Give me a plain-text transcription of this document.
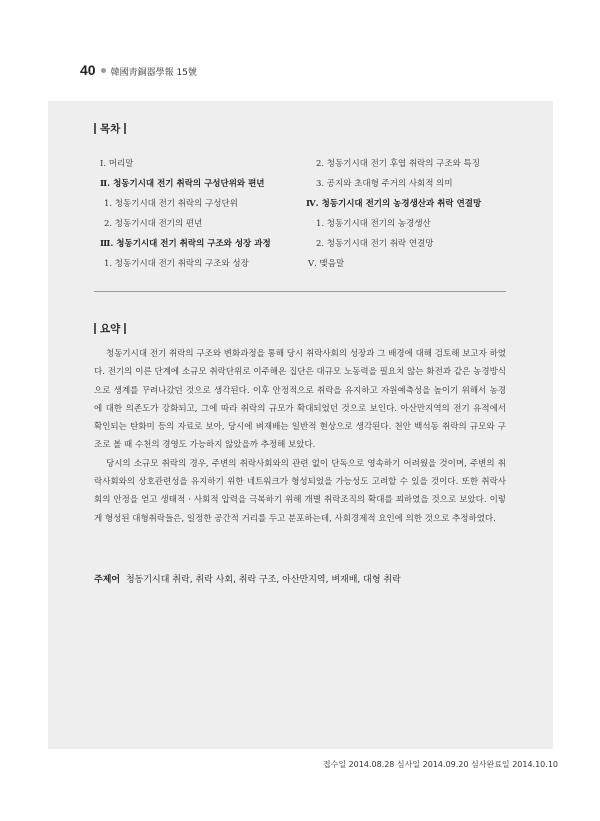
40 韓國靑銅器學報 15號
목차
Ⅰ. 머리말
Ⅱ. 청동기시대 전기 취락의 구성단위와 편년
1. 청동기시대 전기 취락의 구성단위
2. 청동기시대 전기의 편년
Ⅲ. 청동기시대 전기 취락의 구조와 성장 과정
1. 청동기시대 전기 취락의 구조와 성장
2. 청동기시대 전기 후엽 취락의 구조와 특징
3. 공지와 초대형 주거의 사회적 의미
Ⅳ. 청동기시대 전기의 농경생산과 취락 연결망
1. 청동기시대 전기의 농경생산
2. 청동기시대 전기 취락 연결망
Ⅴ. 맺음말
요약

청동기시대 전기 취락의 구조와 변화과정을 통해 당시 취락사회의 성장과 그 배경에 대해 검토해 보고자 하였다. 전기의 이른 단계에 소규모 취락단위로 이주해온 집단은 대규모 노동력을 필요치 않는 화전과 같은 농경방식으로 생계를 꾸려나갔던 것으로 생각된다. 이후 안정적으로 취락을 유지하고 자원예측성을 높이기 위해서 농경에 대한 의존도가 강화되고, 그에 따라 취락의 규모가 확대되었던 것으로 보인다. 아산만지역의 전기 유적에서 확인되는 탄화미 등의 자료로 보아, 당시에 벼재배는 일반적 현상으로 생각된다. 천안 백석동 취락의 규모와 구조로 볼 때 수천의 경영도 가능하지 않았을까 추정해 보았다.

당시의 소규모 취락의 경우, 주변의 취락사회와의 관련 없이 단독으로 영속하기 어려웠을 것이며, 주변의 취락사회와의 상호관련성을 유지하기 위한 네트워크가 형성되었을 가능성도 고려할 수 있을 것이다. 또한 취락사회의 안정을 얻고 생태적 · 사회적 압력을 극복하기 위해 개별 취락조직의 확대를 꾀하였을 것으로 보았다. 이렇게 형성된 대형취락들은, 일정한 공간적 거리를 두고 분포하는데, 사회경제적 요인에 의한 것으로 추정하였다.

주제어 청동기시대 취락, 취락 사회, 취락 구조, 아산만지역, 벼재배, 대형 취락
접수일 2014.08.28 심사일 2014.09.20 심사완료일 2014.10.10
